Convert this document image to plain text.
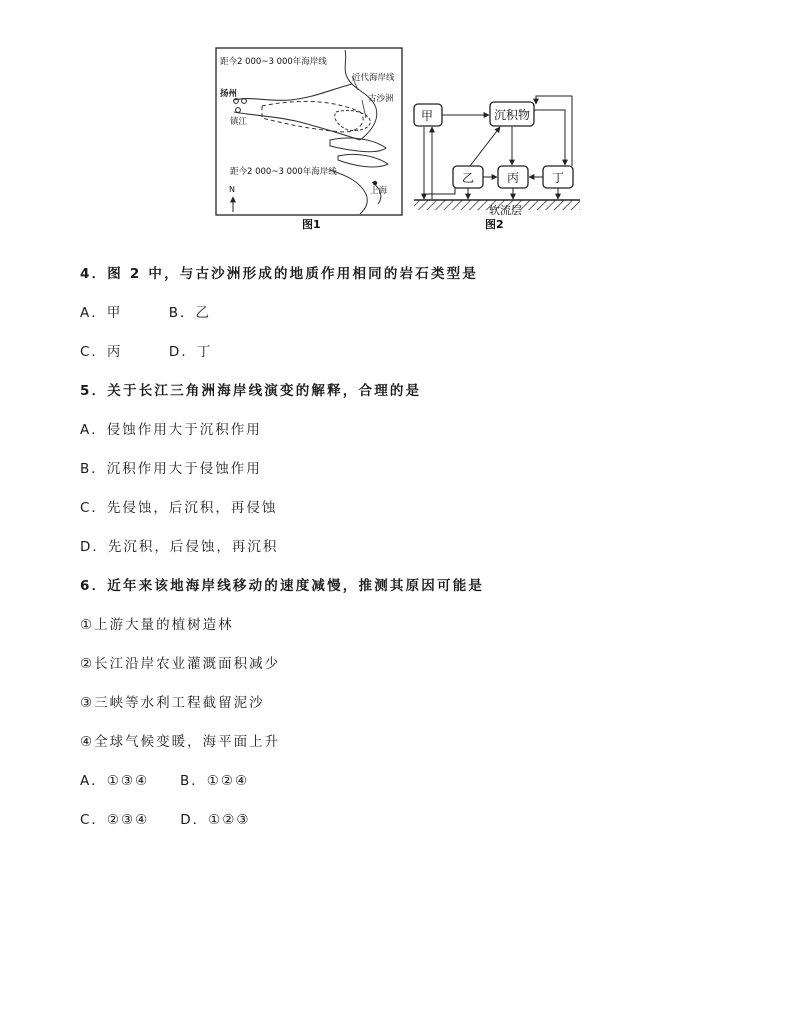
距今2 000~3 000年海岸线
近代海岸线
扬州	古沙洲
镇江
距今2 000~3 000年海岸线
上海
N
图1
甲	沉积物
乙	丙	丁
软流层
图2
4．图 2 中，与古沙洲形成的地质作用相同的岩石类型是
A．甲　　　B．乙
C．丙　　　D．丁
5．关于长江三角洲海岸线演变的解释，合理的是
A．侵蚀作用大于沉积作用
B．沉积作用大于侵蚀作用
C．先侵蚀，后沉积，再侵蚀
D．先沉积，后侵蚀，再沉积
6．近年来该地海岸线移动的速度减慢，推测其原因可能是
①上游大量的植树造林
②长江沿岸农业灌溉面积减少
③三峡等水利工程截留泥沙
④全球气候变暖，海平面上升
A．①③④　　B．①②④
C．②③④　　D．①②③
